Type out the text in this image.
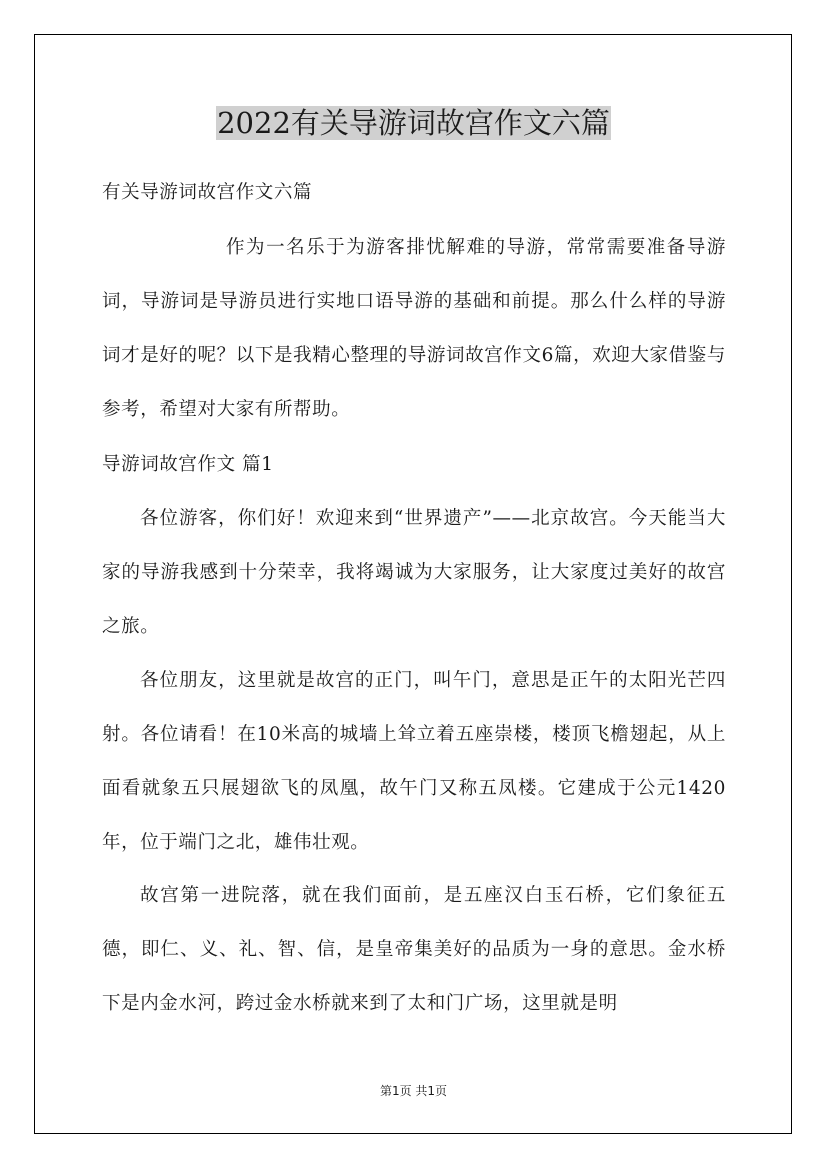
2022有关导游词故宫作文六篇
有关导游词故宫作文六篇
作为一名乐于为游客排忧解难的导游，常常需要准备导游词，导游词是导游员进行实地口语导游的基础和前提。那么什么样的导游词才是好的呢？以下是我精心整理的导游词故宫作文6篇，欢迎大家借鉴与参考，希望对大家有所帮助。
导游词故宫作文 篇1
各位游客，你们好！欢迎来到“世界遗产”——北京故宫。今天能当大家的导游我感到十分荣幸，我将竭诚为大家服务，让大家度过美好的故宫之旅。
各位朋友，这里就是故宫的正门，叫午门，意思是正午的太阳光芒四射。各位请看！在10米高的城墙上耸立着五座崇楼，楼顶飞檐翅起，从上面看就象五只展翅欲飞的凤凰，故午门又称五凤楼。它建成于公元1420年，位于端门之北，雄伟壮观。
故宫第一进院落，就在我们面前，是五座汉白玉石桥，它们象征五德，即仁、义、礼、智、信，是皇帝集美好的品质为一身的意思。金水桥下是内金水河，跨过金水桥就来到了太和门广场，这里就是明
第1页 共1页
